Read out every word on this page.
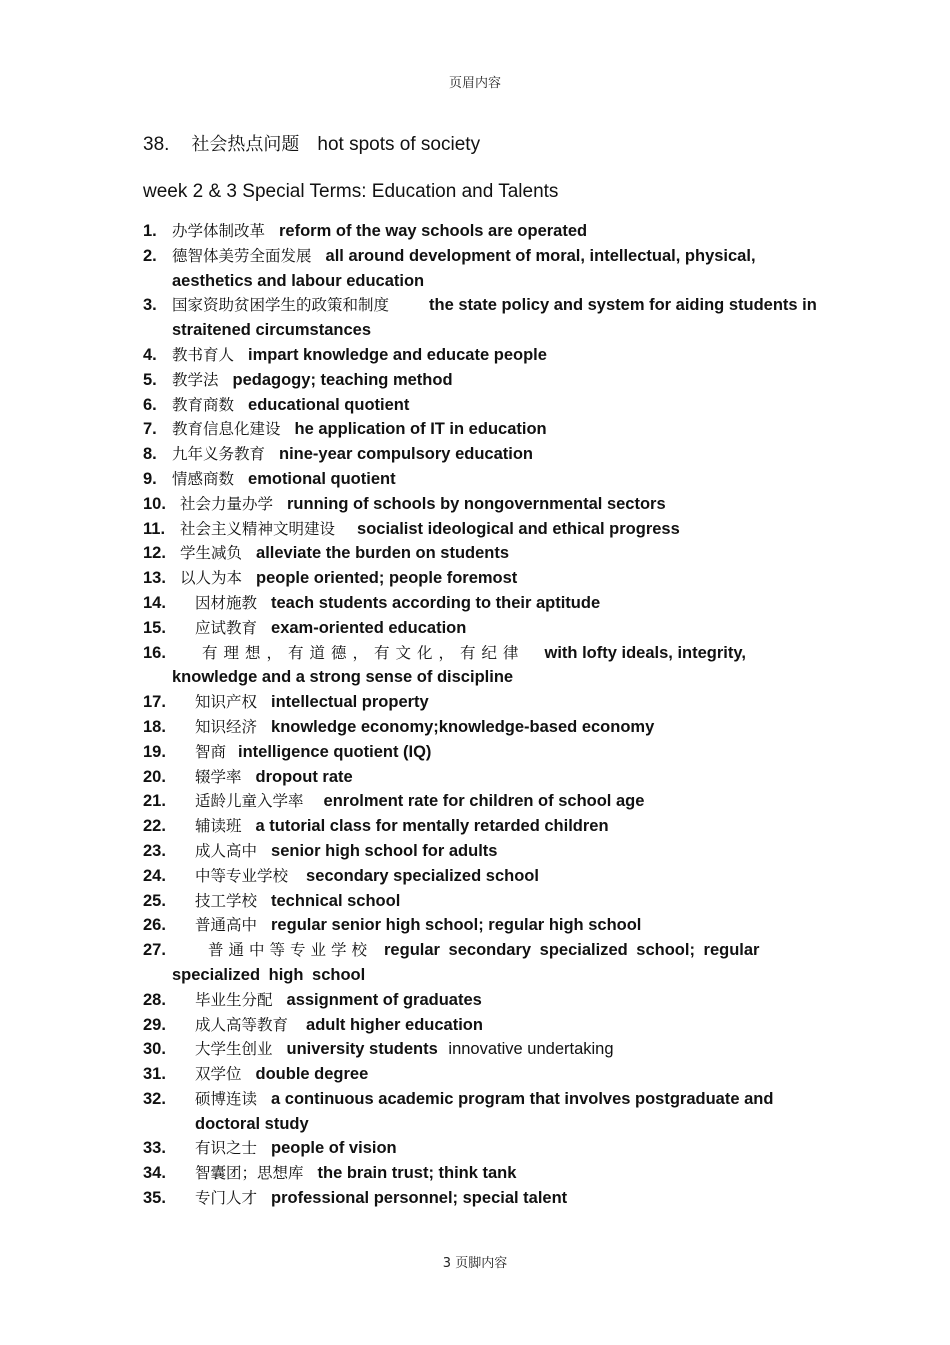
页眉内容
38. 社会热点问题 hot spots of society
week 2 & 3 Special Terms: Education and Talents
1. 办学体制改革 reform of the way schools are operated
2. 德智体美劳全面发展 all around development of moral, intellectual, physical, aesthetics and labour education
3. 国家资助贫困学生的政策和制度 the state policy and system for aiding students in straitened circumstances
4. 教书育人 impart knowledge and educate people
5. 教学法 pedagogy; teaching method
6. 教育商数 educational quotient
7. 教育信息化建设 he application of IT in education
8. 九年义务教育 nine-year compulsory education
9. 情感商数 emotional quotient
10. 社会力量办学 running of schools by nongovernmental sectors
11. 社会主义精神文明建设 socialist ideological and ethical progress
12. 学生减负 alleviate the burden on students
13. 以人为本 people oriented; people foremost
14. 因材施教 teach students according to their aptitude
15. 应试教育 exam-oriented education
16. 有理想，有道德，有文化，有纪律 with lofty ideals, integrity, knowledge and a strong sense of discipline
17. 知识产权 intellectual property
18. 知识经济 knowledge economy;knowledge-based economy
19. 智商 intelligence quotient (IQ)
20. 辍学率 dropout rate
21. 适龄儿童入学率 enrolment rate for children of school age
22. 辅读班 a tutorial class for mentally retarded children
23. 成人高中 senior high school for adults
24. 中等专业学校 secondary specialized school
25. 技工学校 technical school
26. 普通高中 regular senior high school; regular high school
27.	普通中等专业学校 regular secondary specialized school; regular specialized high school
28. 毕业生分配 assignment of graduates
29. 成人高等教育 adult higher education
30. 大学生创业 university students innovative undertaking
31. 双学位 double degree
32. 硕博连读 a continuous academic program that involves postgraduate and doctoral study
33. 有识之士 people of vision
34. 智囊团；思想库 the brain trust; think tank
35. 专门人才 professional personnel; special talent
3 页脚内容
